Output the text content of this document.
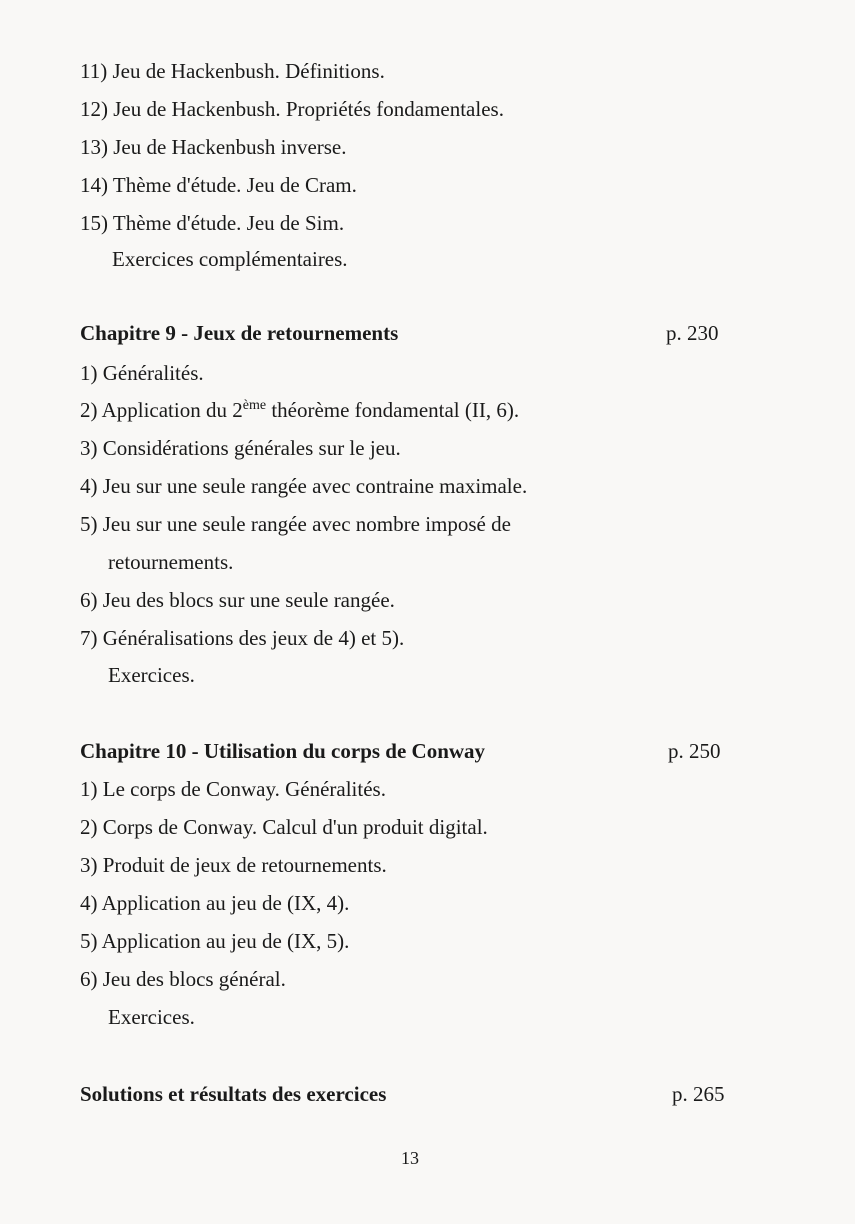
11) Jeu de Hackenbush. Définitions.
12) Jeu de Hackenbush. Propriétés fondamentales.
13) Jeu de Hackenbush inverse.
14) Thème d'étude. Jeu de Cram.
15) Thème d'étude. Jeu de Sim.
Exercices complémentaires.
Chapitre 9 - Jeux de retournements	p. 230
1) Généralités.
2) Application du 2ème théorème fondamental (II, 6).
3) Considérations générales sur le jeu.
4) Jeu sur une seule rangée avec contraine maximale.
5) Jeu sur une seule rangée avec nombre imposé de
retournements.
6) Jeu des blocs sur une seule rangée.
7) Généralisations des jeux de 4) et 5).
Exercices.
Chapitre 10 - Utilisation du corps de Conway	p. 250
1) Le corps de Conway. Généralités.
2) Corps de Conway. Calcul d'un produit digital.
3) Produit de jeux de retournements.
4) Application au jeu de (IX, 4).
5) Application au jeu de (IX, 5).
6) Jeu des blocs général.
Exercices.
Solutions et résultats des exercices	p. 265
13
